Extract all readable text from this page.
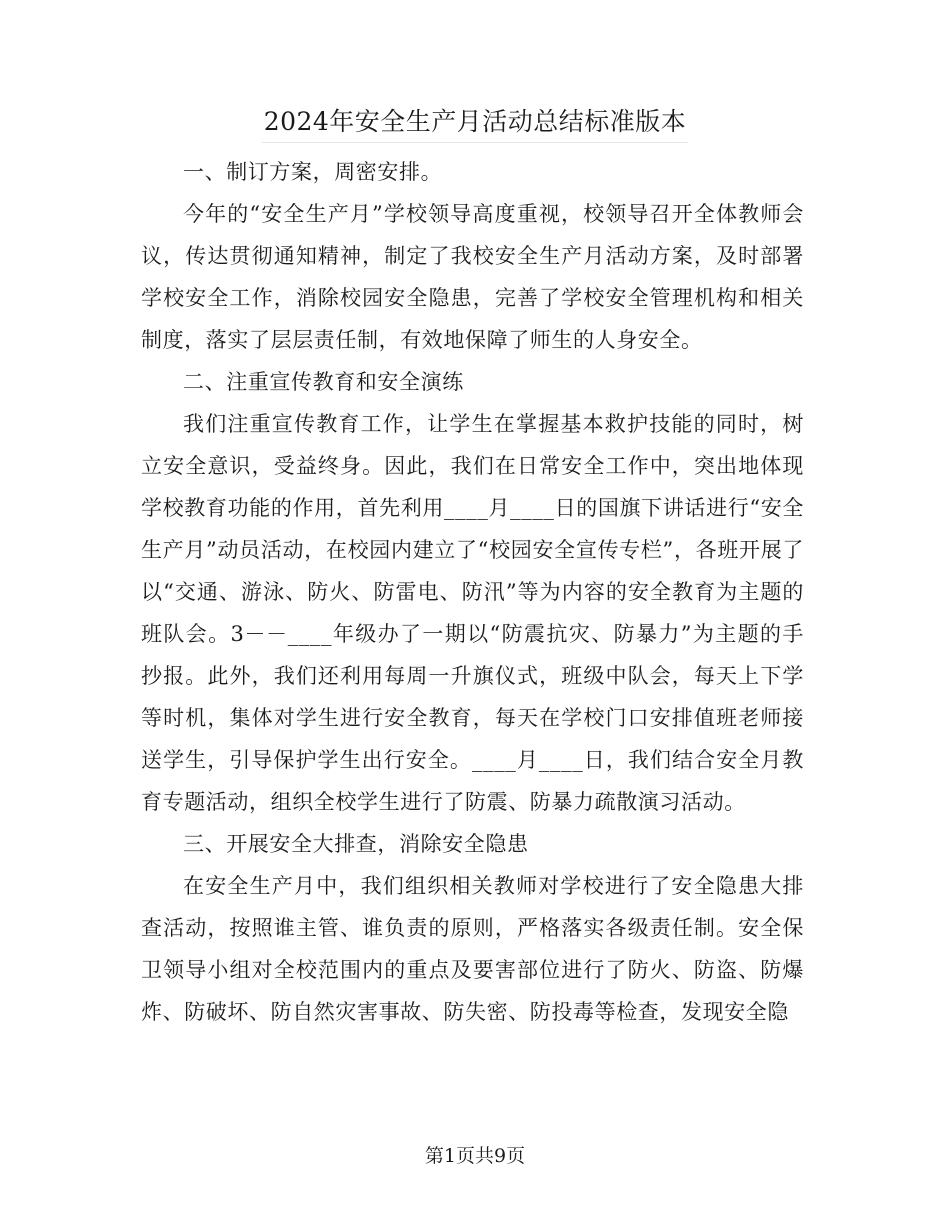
2024年安全生产月活动总结标准版本

一、制订方案，周密安排。

今年的“安全生产月”学校领导高度重视，校领导召开全体教师会议，传达贯彻通知精神，制定了我校安全生产月活动方案，及时部署学校安全工作，消除校园安全隐患，完善了学校安全管理机构和相关制度，落实了层层责任制，有效地保障了师生的人身安全。

二、注重宣传教育和安全演练

我们注重宣传教育工作，让学生在掌握基本救护技能的同时，树立安全意识，受益终身。因此，我们在日常安全工作中，突出地体现学校教育功能的作用，首先利用____月____日的国旗下讲话进行“安全生产月”动员活动，在校园内建立了“校园安全宣传专栏”，各班开展了以“交通、游泳、防火、防雷电、防汛”等为内容的安全教育为主题的班队会。3－－____年级办了一期以“防震抗灾、防暴力”为主题的手抄报。此外，我们还利用每周一升旗仪式，班级中队会，每天上下学等时机，集体对学生进行安全教育，每天在学校门口安排值班老师接送学生，引导保护学生出行安全。____月____日，我们结合安全月教育专题活动，组织全校学生进行了防震、防暴力疏散演习活动。

三、开展安全大排查，消除安全隐患

在安全生产月中，我们组织相关教师对学校进行了安全隐患大排查活动，按照谁主管、谁负责的原则，严格落实各级责任制。安全保卫领导小组对全校范围内的重点及要害部位进行了防火、防盗、防爆炸、防破坏、防自然灾害事故、防失密、防投毒等检查，发现安全隐

第1页共9页
